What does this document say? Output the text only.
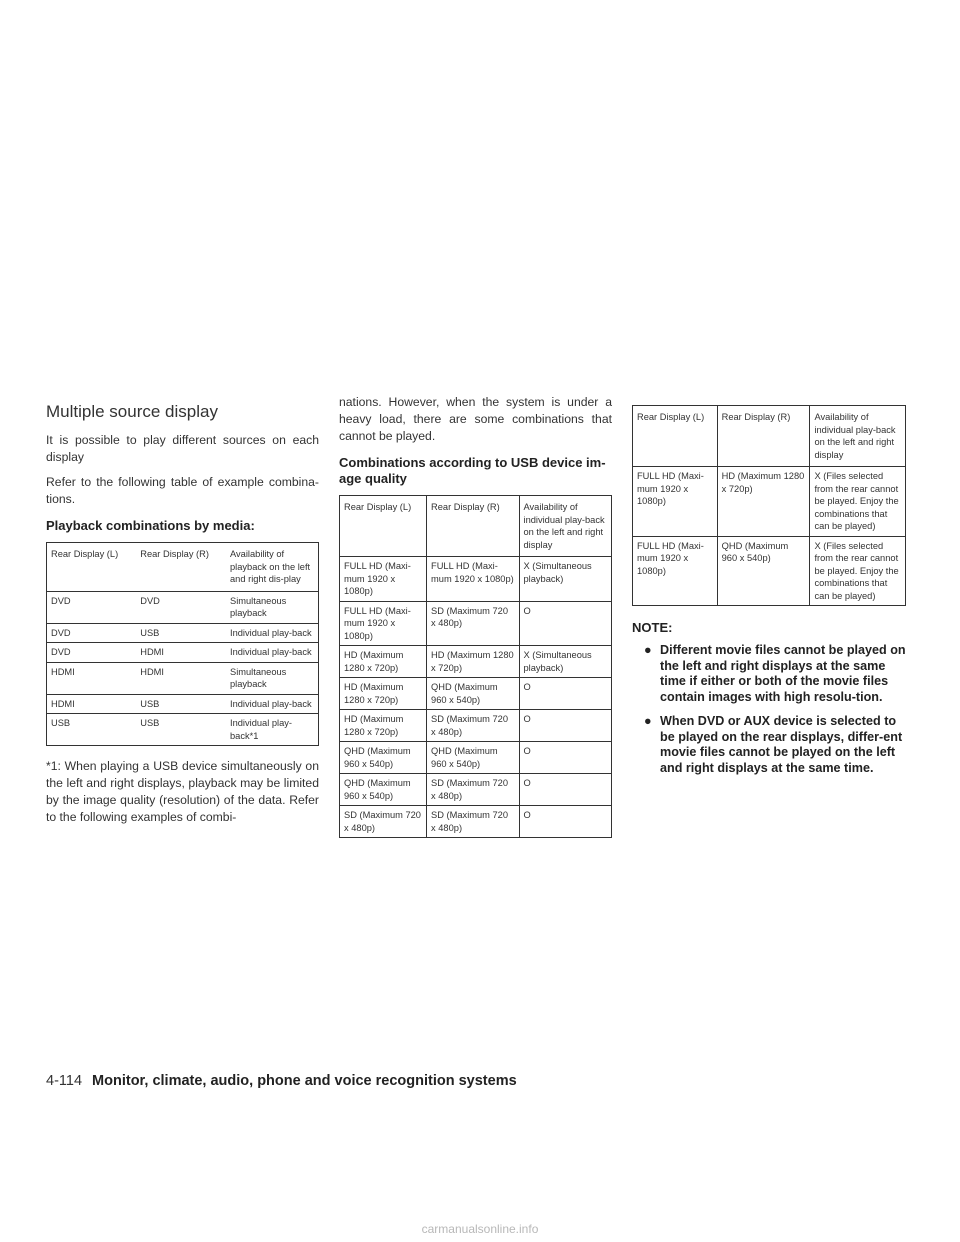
Multiple source display

It is possible to play different sources on each display

Refer to the following table of example combina-tions.

Playback combinations by media:
Rear Display (L)	Rear Display (R)	Availability of playback on the left and right dis-play
DVD	DVD	Simultaneous playback
DVD	USB	Individual play-back
DVD	HDMI	Individual play-back
HDMI	HDMI	Simultaneous playback
HDMI	USB	Individual play-back
USB	USB	Individual play-back*1

*1: When playing a USB device simultaneously on the left and right displays, playback may be limited by the image quality (resolution) of the data. Refer to the following examples of combi-

nations. However, when the system is under a heavy load, there are some combinations that cannot be played.

Combinations according to USB device im-age quality
Rear Display (L)	Rear Display (R)	Availability of individual play-back on the left and right display
FULL HD (Maxi-mum 1920 x 1080p)	FULL HD (Maxi-mum 1920 x 1080p)	X (Simultaneous playback)
FULL HD (Maxi-mum 1920 x 1080p)	SD (Maximum 720 x 480p)	O
HD (Maximum 1280 x 720p)	HD (Maximum 1280 x 720p)	X (Simultaneous playback)
HD (Maximum 1280 x 720p)	QHD (Maximum 960 x 540p)	O
HD (Maximum 1280 x 720p)	SD (Maximum 720 x 480p)	O
QHD (Maximum 960 x 540p)	QHD (Maximum 960 x 540p)	O
QHD (Maximum 960 x 540p)	SD (Maximum 720 x 480p)	O
SD (Maximum 720 x 480p)	SD (Maximum 720 x 480p)	O
Rear Display (L)	Rear Display (R)	Availability of individual play-back on the left and right display
FULL HD (Maxi-mum 1920 x 1080p)	HD (Maximum 1280 x 720p)	X (Files selected from the rear cannot be played. Enjoy the combinations that can be played)
FULL HD (Maxi-mum 1920 x 1080p)	QHD (Maximum 960 x 540p)	X (Files selected from the rear cannot be played. Enjoy the combinations that can be played)
NOTE:
● Different movie files cannot be played on the left and right displays at the same time if either or both of the movie files contain images with high resolu-tion.
● When DVD or AUX device is selected to be played on the rear displays, differ-ent movie files cannot be played on the left and right displays at the same time.
4-114 Monitor, climate, audio, phone and voice recognition systems
carmanualsonline.info
